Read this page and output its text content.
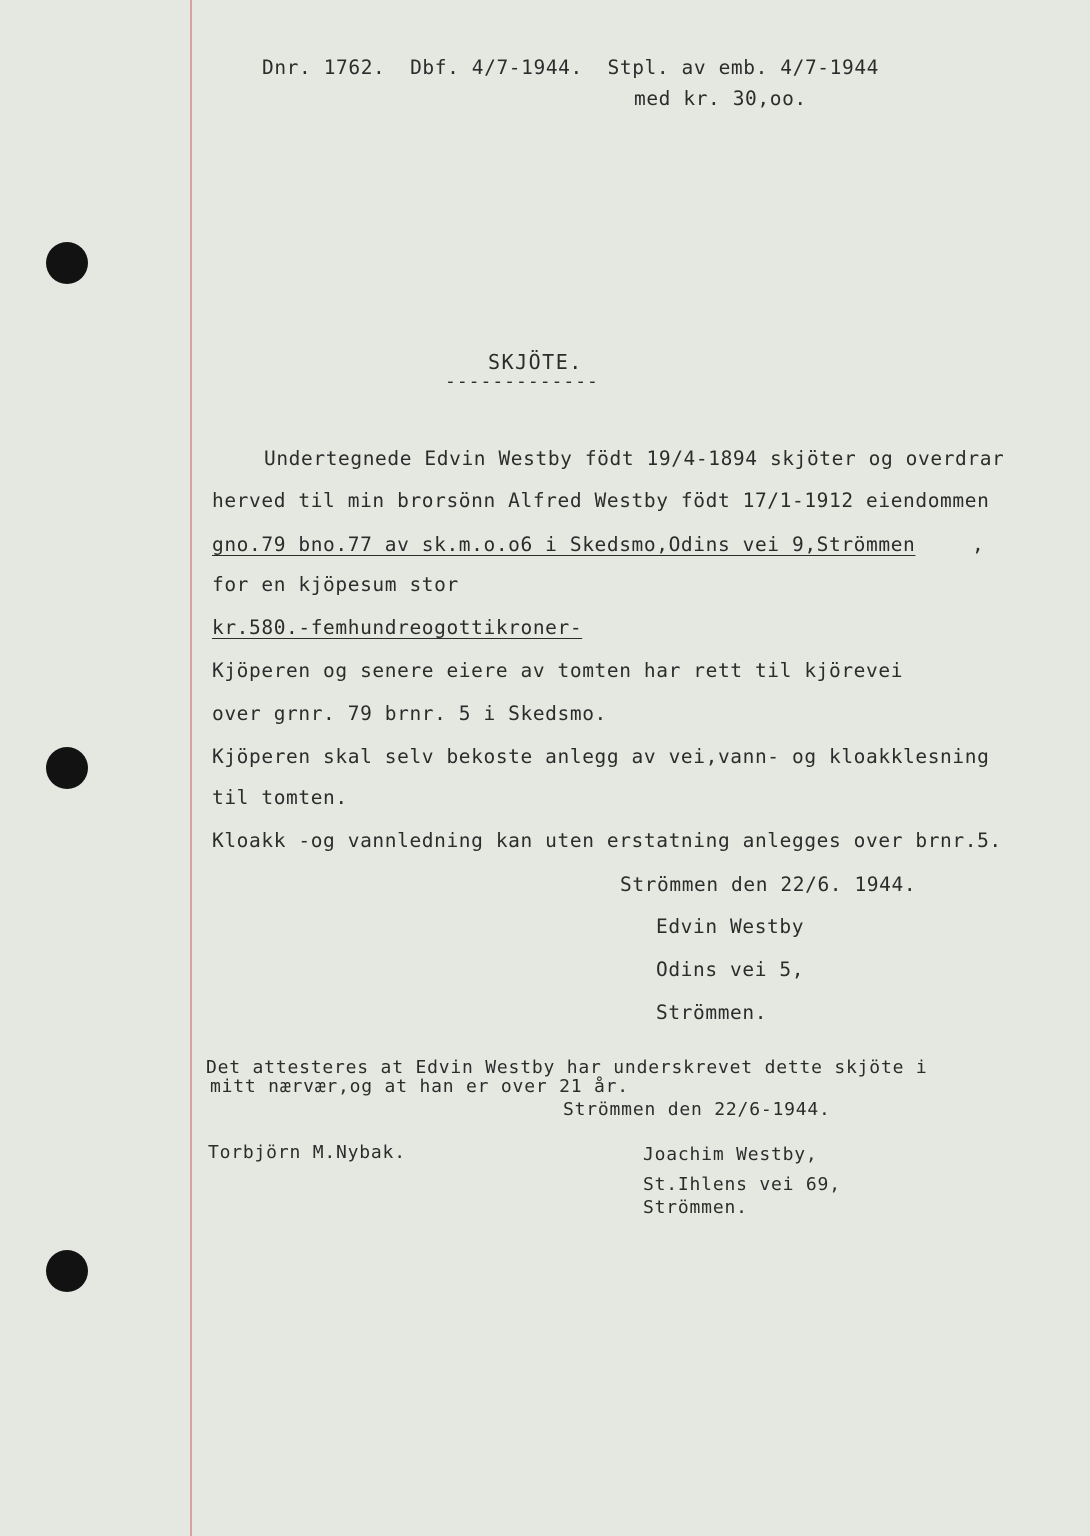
Dnr. 1762.  Dbf. 4/7-1944.  Stpl. av emb. 4/7-1944
med kr. 30,oo.
SKJÖTE.
-------------
Undertegnede Edvin Westby födt 19/4-1894 skjöter og overdrar
herved til min brorsönn Alfred Westby födt 17/1-1912 eiendommen
gno.79 bno.77 av sk.m.o.o6 i Skedsmo,Odins vei 9,Strömmen	,
for en kjöpesum stor
kr.580.-femhundreogottikroner-
Kjöperen og senere eiere av tomten har rett til kjörevei
over grnr. 79 brnr. 5 i Skedsmo.
Kjöperen skal selv bekoste anlegg av vei,vann- og kloakklesning
til tomten.
Kloakk -og vannledning kan uten erstatning anlegges over brnr.5.
Strömmen den 22/6. 1944.
Edvin Westby
Odins vei 5,
Strömmen.
Det attesteres at Edvin Westby har underskrevet dette skjöte i
mitt nærvær,og at han er over 21 år.
Strömmen den 22/6-1944.
Torbjörn M.Nybak.	Joachim Westby,
St.Ihlens vei 69,
Strömmen.
